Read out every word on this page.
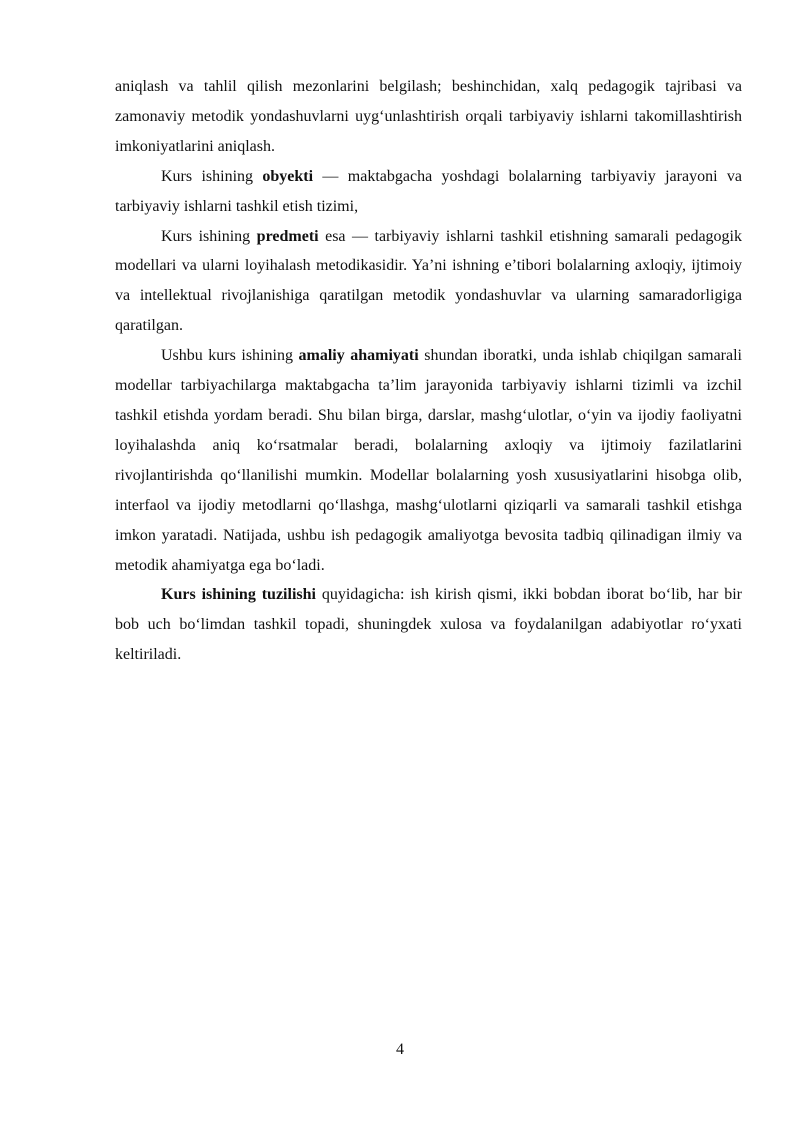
aniqlash va tahlil qilish mezonlarini belgilash; beshinchidan, xalq pedagogik tajribasi va zamonaviy metodik yondashuvlarni uyg‘unlashtirish orqali tarbiyaviy ishlarni takomillashtirish imkoniyatlarini aniqlash.

Kurs ishining obyekti — maktabgacha yoshdagi bolalarning tarbiyaviy jarayoni va tarbiyaviy ishlarni tashkil etish tizimi,

Kurs ishining predmeti esa — tarbiyaviy ishlarni tashkil etishning samarali pedagogik modellari va ularni loyihalash metodikasidir. Ya’ni ishning e’tibori bolalarning axloqiy, ijtimoiy va intellektual rivojlanishiga qaratilgan metodik yondashuvlar va ularning samaradorligiga qaratilgan.

Ushbu kurs ishining amaliy ahamiyati shundan iboratki, unda ishlab chiqilgan samarali modellar tarbiyachilarga maktabgacha ta’lim jarayonida tarbiyaviy ishlarni tizimli va izchil tashkil etishda yordam beradi. Shu bilan birga, darslar, mashg‘ulotlar, o‘yin va ijodiy faoliyatni loyihalashda aniq ko‘rsatmalar beradi, bolalarning axloqiy va ijtimoiy fazilatlarini rivojlantirishda qo‘llanilishi mumkin. Modellar bolalarning yosh xususiyatlarini hisobga olib, interfaol va ijodiy metodlarni qo‘llashga, mashg‘ulotlarni qiziqarli va samarali tashkil etishga imkon yaratadi. Natijada, ushbu ish pedagogik amaliyotga bevosita tadbiq qilinadigan ilmiy va metodik ahamiyatga ega bo‘ladi.

Kurs ishining tuzilishi quyidagicha: ish kirish qismi, ikki bobdan iborat bo‘lib, har bir bob uch bo‘limdan tashkil topadi, shuningdek xulosa va foydalanilgan adabiyotlar ro‘yxati keltiriladi.

4
